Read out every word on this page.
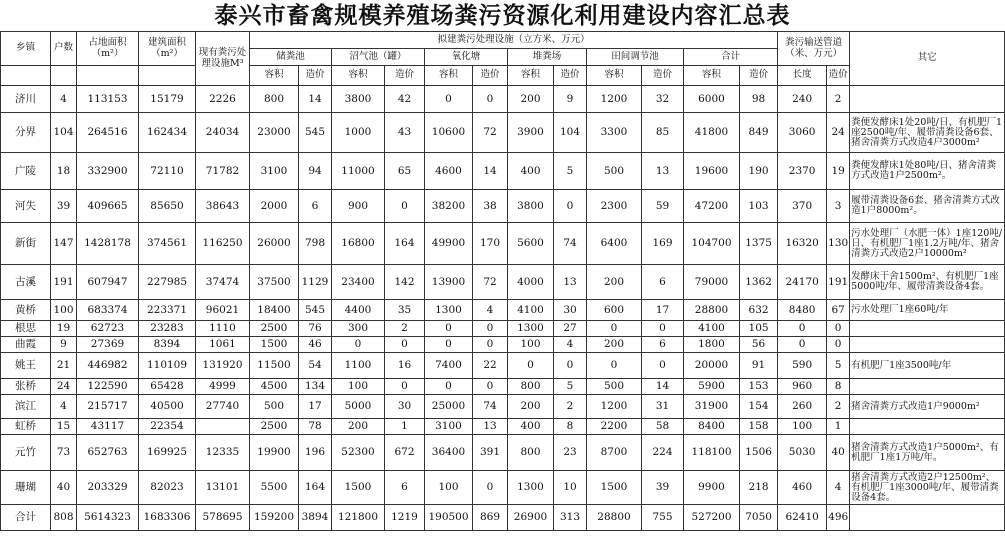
泰兴市畜禽规模养殖场粪污资源化利用建设内容汇总表
乡镇	户数	占地面积（m²）	建筑面积（m²）	现有粪污处理设施M³	拟建粪污处理设施（立方米、万元）												粪污输送管道（米、万元）		其它
					储粪池		沼气池（罐）		氧化塘		堆粪场		田间调节池		合计				
					容积	造价	容积	造价	容积	造价	容积	造价	容积	造价	容积	造价	长度	造价	
济川	4	113153	15179	2226	800	14	3800	42	0	0	200	9	1200	32	6000	98	240	2	
分界	104	264516	162434	24034	23000	545	1000	43	10600	72	3900	104	3300	85	41800	849	3060	24	粪便发酵床1处20吨/日、有机肥厂1座2500吨/年、履带清粪设备6套、猪舍清粪方式改造4户3000m²
广陵	18	332900	72110	71782	3100	94	11000	65	4600	14	400	5	500	13	19600	190	2370	19	粪便发酵床1处80吨/日、猪舍清粪方式改造1户2500m²。
河失	39	409665	85650	38643	2000	6	900	0	38200	38	3800	0	2300	59	47200	103	370	3	履带清粪设备6套、猪舍清粪方式改造1户8000m²。
新街	147	1428178	374561	116250	26000	798	16800	164	49900	170	5600	74	6400	169	104700	1375	16320	130	污水处理厂（水肥一体）1座120吨/日、有机肥厂1座1.2万吨/年、猪舍清粪方式改造2户10000m²
古溪	191	607947	227985	37474	37500	1129	23400	142	13900	72	4000	13	200	6	79000	1362	24170	191	发酵床干舍1500m²、有机肥厂1座5000吨/年、履带清粪设备4套。
黄桥	100	683374	223371	96021	18400	545	4400	35	1300	4	4100	30	600	17	28800	632	8480	67	污水处理厂1座60吨/年
根思	19	62723	23283	1110	2500	76	300	2	0	0	1300	27	0	0	4100	105	0	0	
曲霞	9	27369	8394	1061	1500	46	0	0	0	0	100	4	200	6	1800	56	0	0	
姚王	21	446982	110109	131920	11500	54	1100	16	7400	22	0	0	0	0	20000	91	590	5	有机肥厂1座3500吨/年
张桥	24	122590	65428	4999	4500	134	100	0	0	0	800	5	500	14	5900	153	960	8	
滨江	4	215717	40500	27740	500	17	5000	30	25000	74	200	2	1200	31	31900	154	260	2	猪舍清粪方式改造1户9000m²
虹桥	15	43117	22354		2500	78	200	1	3100	13	400	8	2200	58	8400	158	100	1	
元竹	73	652763	169925	12335	19900	196	52300	672	36400	391	800	23	8700	224	118100	1506	5030	40	猪舍清粪方式改造1户5000m²、有机肥厂1座1万吨/年。
珊瑚	40	203329	82023	13101	5500	164	1500	6	100	0	1300	10	1500	39	9900	218	460	4	猪舍清粪方式改造2户12500m²、有机肥厂1座3000吨/年、履带清粪设备4套。
合计	808	5614323	1683306	578695	159200	3894	121800	1219	190500	869	26900	313	28800	755	527200	7050	62410	496	
